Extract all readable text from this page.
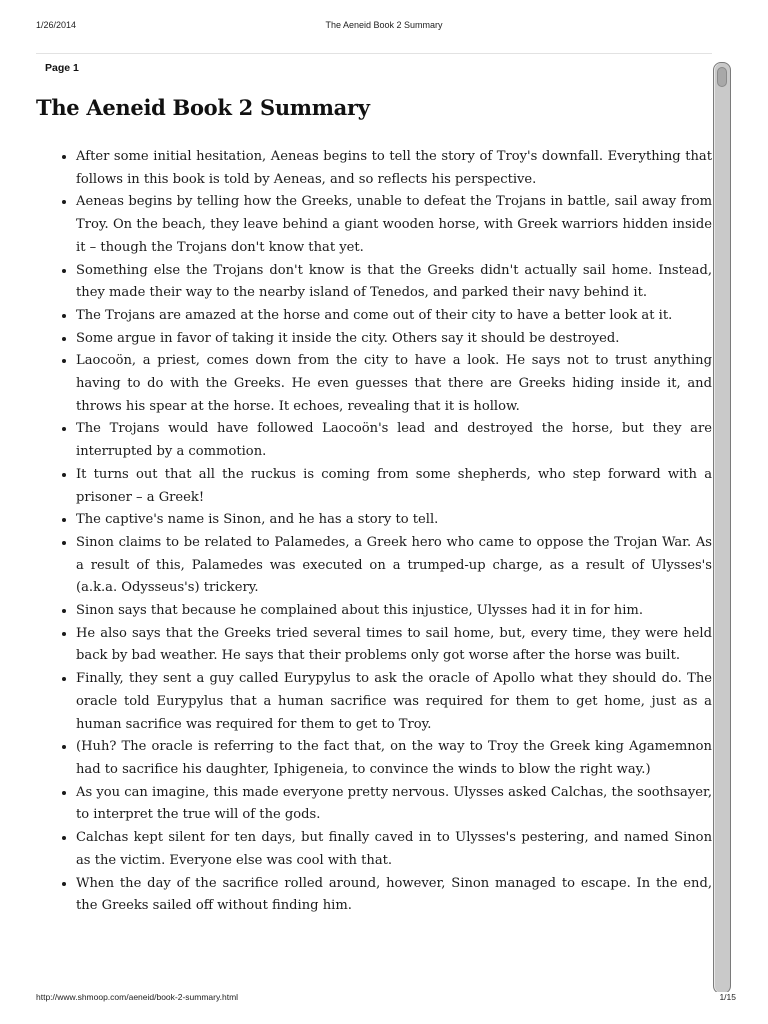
1/26/2014	The Aeneid Book 2 Summary
Page 1
The Aeneid Book 2 Summary
• After some initial hesitation, Aeneas begins to tell the story of Troy's downfall. Everything that follows in this book is told by Aeneas, and so reflects his perspective.
• Aeneas begins by telling how the Greeks, unable to defeat the Trojans in battle, sail away from Troy. On the beach, they leave behind a giant wooden horse, with Greek warriors hidden inside it – though the Trojans don't know that yet.
• Something else the Trojans don't know is that the Greeks didn't actually sail home. Instead, they made their way to the nearby island of Tenedos, and parked their navy behind it.
• The Trojans are amazed at the horse and come out of their city to have a better look at it.
• Some argue in favor of taking it inside the city. Others say it should be destroyed.
• Laocoön, a priest, comes down from the city to have a look. He says not to trust anything having to do with the Greeks. He even guesses that there are Greeks hiding inside it, and throws his spear at the horse. It echoes, revealing that it is hollow.
• The Trojans would have followed Laocoön's lead and destroyed the horse, but they are interrupted by a commotion.
• It turns out that all the ruckus is coming from some shepherds, who step forward with a prisoner – a Greek!
• The captive's name is Sinon, and he has a story to tell.
• Sinon claims to be related to Palamedes, a Greek hero who came to oppose the Trojan War. As a result of this, Palamedes was executed on a trumped-up charge, as a result of Ulysses's (a.k.a. Odysseus's) trickery.
• Sinon says that because he complained about this injustice, Ulysses had it in for him.
• He also says that the Greeks tried several times to sail home, but, every time, they were held back by bad weather. He says that their problems only got worse after the horse was built.
• Finally, they sent a guy called Eurypylus to ask the oracle of Apollo what they should do. The oracle told Eurypylus that a human sacrifice was required for them to get home, just as a human sacrifice was required for them to get to Troy.
• (Huh? The oracle is referring to the fact that, on the way to Troy the Greek king Agamemnon had to sacrifice his daughter, Iphigeneia, to convince the winds to blow the right way.)
• As you can imagine, this made everyone pretty nervous. Ulysses asked Calchas, the soothsayer, to interpret the true will of the gods.
• Calchas kept silent for ten days, but finally caved in to Ulysses's pestering, and named Sinon as the victim. Everyone else was cool with that.
• When the day of the sacrifice rolled around, however, Sinon managed to escape. In the end, the Greeks sailed off without finding him.
http://www.shmoop.com/aeneid/book-2-summary.html	1/15
